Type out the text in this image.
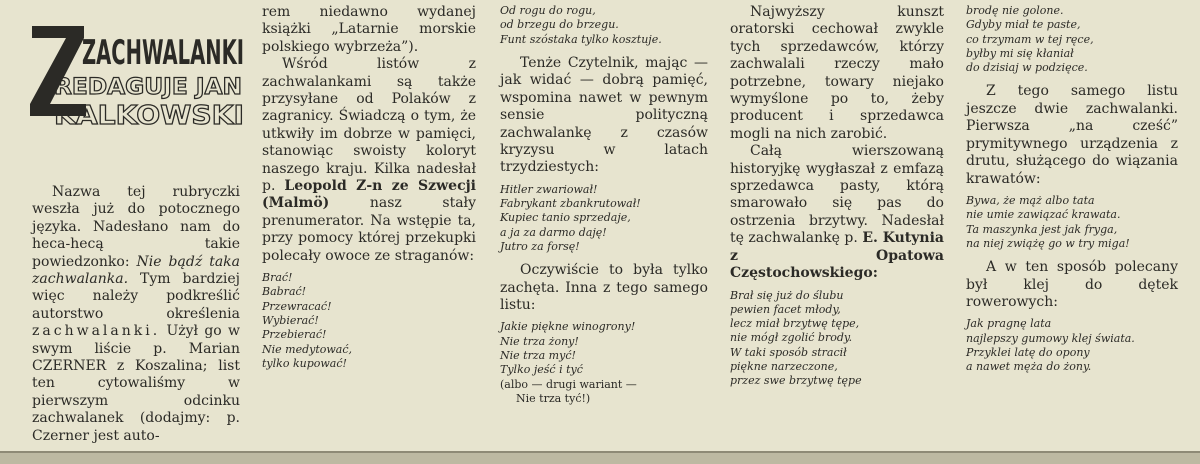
ZACHWALANKI
REDAGUJE JAN
KALKOWSKI

Nazwa tej rubryczki weszła już do potocznego języka. Nadesłano nam do heca-hecą takie powiedzonko: Nie bądź taka zachwalanka. Tym bardziej więc należy podkreślić autorstwo określenia zachwalanki. Użył go w swym liście p. Marian CZERNER z Koszalina; list ten cytowaliśmy w pierwszym odcinku zachwalanek (dodajmy: p. Czerner jest auto-

rem niedawno wydanej książki „Latarnie morskie polskiego wybrzeża”).

Wśród listów z zachwalankami są także przysyłane od Polaków z zagranicy. Świadczą o tym, że utkwiły im dobrze w pamięci, stanowiąc swoisty koloryt naszego kraju. Kilka nadesłał p. Leopold Z-n ze Szwecji (Malmö) nasz stały prenumerator. Na wstępie ta, przy pomocy której przekupki polecały owoce ze straganów:

Brać!
Babrać!
Przewracać!
Wybierać!
Przebierać!
Nie medytować,
tylko kupować!
Od rogu do rogu,
od brzegu do brzegu.
Funt szóstaka tylko kosztuje.

Tenże Czytelnik, mając — jak widać — dobrą pamięć, wspomina nawet w pewnym sensie polityczną zachwalankę z czasów kryzysu w latach trzydziestych:

Hitler zwariował!
Fabrykant zbankrutował!
Kupiec tanio sprzedaje,
a ja za darmo daję!
Jutro za forsę!

Oczywiście to była tylko zachęta. Inna z tego samego listu:

Jakie piękne winogrony!
Nie trza żony!
Nie trza myć!
Tylko jeść i tyć
(albo — drugi wariant —
Nie trza tyć!)

Najwyższy kunszt oratorski cechował zwykle tych sprzedawców, którzy zachwalali rzeczy mało potrzebne, towary niejako wymyślone po to, żeby producent i sprzedawca mogli na nich zarobić.

Całą wierszowaną historyjkę wygłaszał z emfazą sprzedawca pasty, którą smarowało się pas do ostrzenia brzytwy. Nadesłał tę zachwalankę p. E. Kutynia z Opatowa Częstochowskiego:

Brał się już do ślubu
pewien facet młody,
lecz miał brzytwę tępe,
nie mógł zgolić brody.
W taki sposób stracił
piękne narzeczone,
przez swe brzytwę tępe
brodę nie golone.
Gdyby miał te paste,
co trzymam w tej ręce,
byłby mi się kłaniał
do dzisiaj w podzięce.

Z tego samego listu jeszcze dwie zachwalanki. Pierwsza „na cześć” prymitywnego urządzenia z drutu, służącego do wiązania krawatów:

Bywa, że mąż albo tata
nie umie zawiązać krawata.
Ta maszynka jest jak fryga,
na niej zwiążę go w try miga!

A w ten sposób polecany był klej do dętek rowerowych:

Jak pragnę lata
najlepszy gumowy klej świata.
Przyklei latę do opony
a nawet męża do żony.
